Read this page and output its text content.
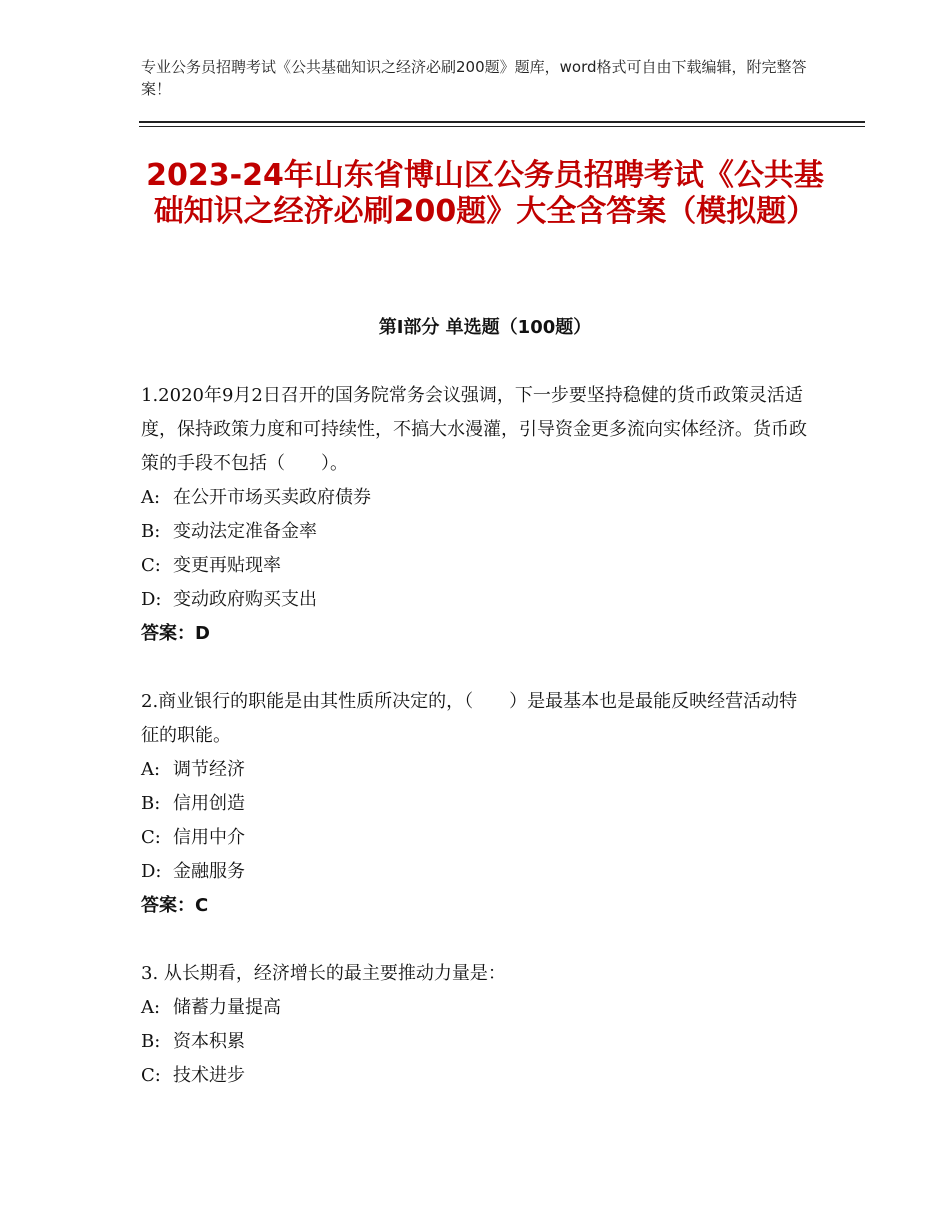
专业公务员招聘考试《公共基础知识之经济必刷200题》题库，word格式可自由下载编辑，附完整答案！
2023-24年山东省博山区公务员招聘考试《公共基础知识之经济必刷200题》大全含答案（模拟题）
第I部分 单选题（100题）

1.2020年9月2日召开的国务院常务会议强调，下一步要坚持稳健的货币政策灵活适度，保持政策力度和可持续性，不搞大水漫灌，引导资金更多流向实体经济。货币政策的手段不包括（　　）。

A: 在公开市场买卖政府债券

B: 变动法定准备金率

C: 变更再贴现率

D: 变动政府购买支出

答案：D

2.商业银行的职能是由其性质所决定的，（　　）是最基本也是最能反映经营活动特征的职能。

A: 调节经济

B: 信用创造

C: 信用中介

D: 金融服务

答案：C

3. 从长期看，经济增长的最主要推动力量是：

A: 储蓄力量提高

B: 资本积累

C: 技术进步
